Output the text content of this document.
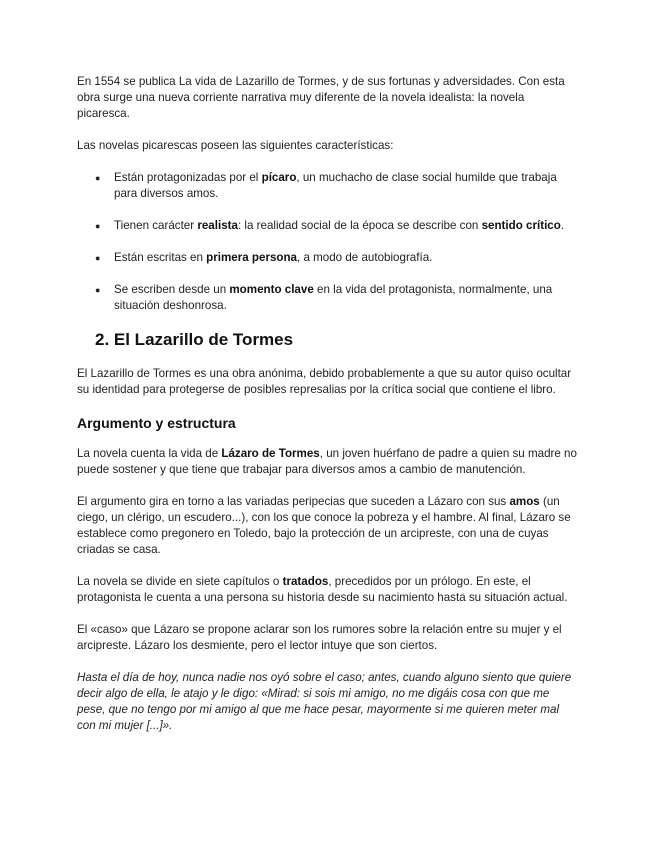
En 1554 se publica La vida de Lazarillo de Tormes, y de sus fortunas y adversidades. Con esta obra surge una nueva corriente narrativa muy diferente de la novela idealista: la novela picaresca.

Las novelas picarescas poseen las siguientes características:

● Están protagonizadas por el pícaro, un muchacho de clase social humilde que trabaja para diversos amos.
● Tienen carácter realista: la realidad social de la época se describe con sentido crítico.
● Están escritas en primera persona, a modo de autobiografía.
● Se escriben desde un momento clave en la vida del protagonista, normalmente, una situación deshonrosa.
2. El Lazarillo de Tormes

El Lazarillo de Tormes es una obra anónima, debido probablemente a que su autor quiso ocultar su identidad para protegerse de posibles represalias por la crítica social que contiene el libro.

Argumento y estructura

La novela cuenta la vida de Lázaro de Tormes, un joven huérfano de padre a quien su madre no puede sostener y que tiene que trabajar para diversos amos a cambio de manutención.

El argumento gira en torno a las variadas peripecias que suceden a Lázaro con sus amos (un ciego, un clérigo, un escudero...), con los que conoce la pobreza y el hambre. Al final, Lázaro se establece como pregonero en Toledo, bajo la protección de un arcipreste, con una de cuyas criadas se casa.

La novela se divide en siete capítulos o tratados, precedidos por un prólogo. En este, el protagonista le cuenta a una persona su historia desde su nacimiento hasta su situación actual.

El «caso» que Lázaro se propone aclarar son los rumores sobre la relación entre su mujer y el arcipreste. Lázaro los desmiente, pero el lector intuye que son ciertos.

Hasta el día de hoy, nunca nadie nos oyó sobre el caso; antes, cuando alguno siento que quiere decir algo de ella, le atajo y le digo: «Mirad: si sois mi amigo, no me digáis cosa con que me pese, que no tengo por mi amigo al que me hace pesar, mayormente si me quieren meter mal con mi mujer [...]».
